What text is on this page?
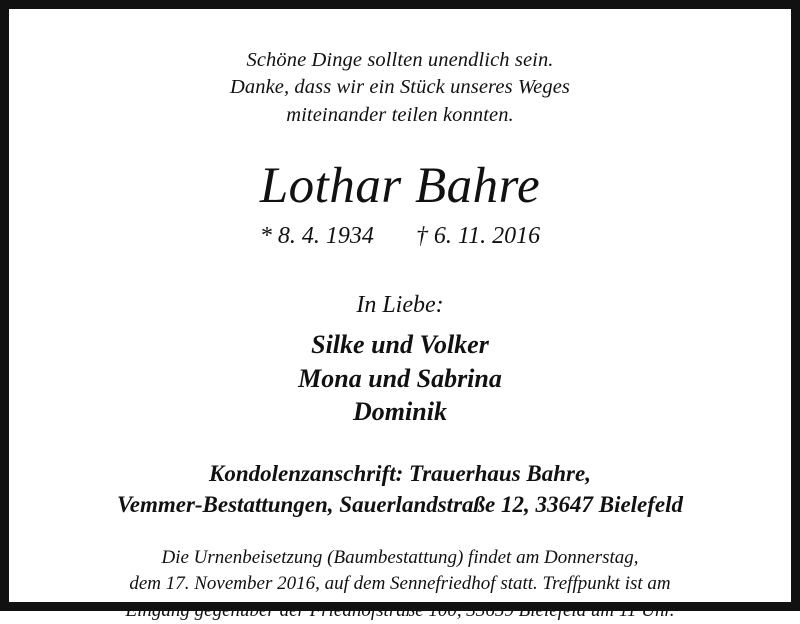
Schöne Dinge sollten unendlich sein.
Danke, dass wir ein Stück unseres Weges
miteinander teilen konnten.
Lothar Bahre
* 8. 4. 1934 † 6. 11. 2016
In Liebe:
Silke und Volker
Mona und Sabrina
Dominik
Kondolenzanschrift: Trauerhaus Bahre,
Vemmer-Bestattungen, Sauerlandstraße 12, 33647 Bielefeld
Die Urnenbeisetzung (Baumbestattung) findet am Donnerstag,
dem 17. November 2016, auf dem Sennefriedhof statt. Treffpunkt ist am
Eingang gegenüber der Friedhofstraße 100, 33659 Bielefeld um 11 Uhr.
